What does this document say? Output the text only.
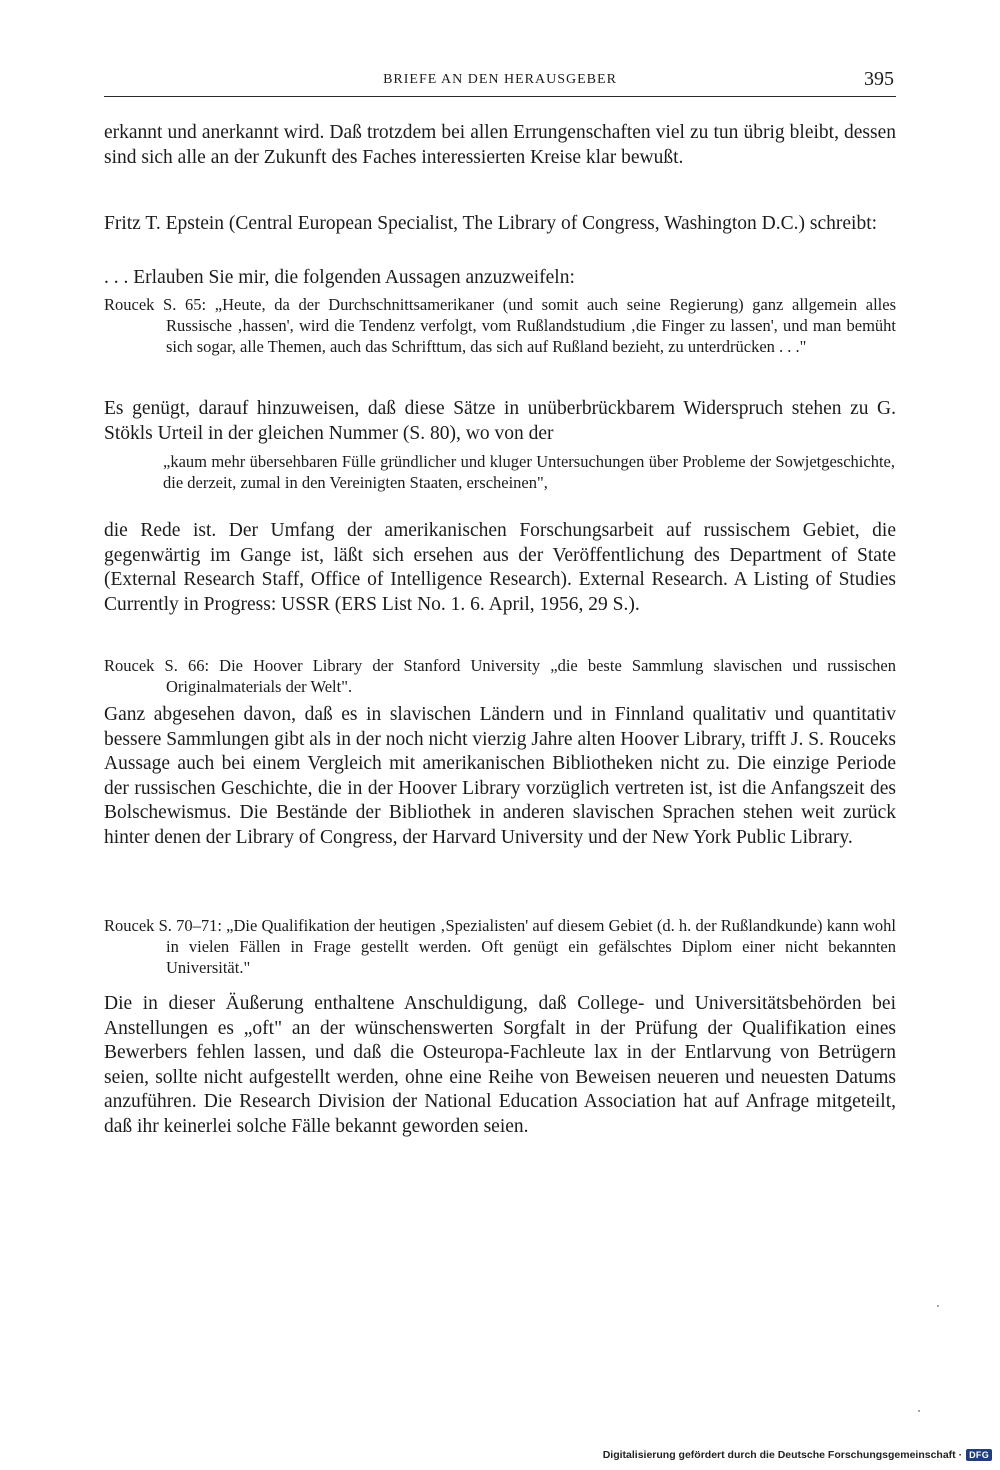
BRIEFE AN DEN HERAUSGEBER	395

erkannt und anerkannt wird. Daß trotzdem bei allen Errungenschaften viel zu tun übrig bleibt, dessen sind sich alle an der Zukunft des Faches interessierten Kreise klar bewußt.

Fritz T. Epstein (Central European Specialist, The Library of Congress, Washington D.C.) schreibt:

. . . Erlauben Sie mir, die folgenden Aussagen anzuzweifeln:

Roucek S. 65: „Heute, da der Durchschnittsamerikaner (und somit auch seine Regierung) ganz allgemein alles Russische ‚hassen', wird die Tendenz verfolgt, vom Rußlandstudium ‚die Finger zu lassen', und man bemüht sich sogar, alle Themen, auch das Schrifttum, das sich auf Rußland bezieht, zu unterdrücken . . ."

Es genügt, darauf hinzuweisen, daß diese Sätze in unüberbrückbarem Widerspruch stehen zu G. Stökls Urteil in der gleichen Nummer (S. 80), wo von der

„kaum mehr übersehbaren Fülle gründlicher und kluger Untersuchungen über Probleme der Sowjetgeschichte, die derzeit, zumal in den Vereinigten Staaten, erscheinen",

die Rede ist. Der Umfang der amerikanischen Forschungsarbeit auf russischem Gebiet, die gegenwärtig im Gange ist, läßt sich ersehen aus der Veröffentlichung des Department of State (External Research Staff, Office of Intelligence Research). External Research. A Listing of Studies Currently in Progress: USSR (ERS List No. 1. 6. April, 1956, 29 S.).

Roucek S. 66: Die Hoover Library der Stanford University „die beste Sammlung slavischen und russischen Originalmaterials der Welt".

Ganz abgesehen davon, daß es in slavischen Ländern und in Finnland qualitativ und quantitativ bessere Sammlungen gibt als in der noch nicht vierzig Jahre alten Hoover Library, trifft J. S. Rouceks Aussage auch bei einem Vergleich mit amerikanischen Bibliotheken nicht zu. Die einzige Periode der russischen Geschichte, die in der Hoover Library vorzüglich vertreten ist, ist die Anfangszeit des Bolschewismus. Die Bestände der Bibliothek in anderen slavischen Sprachen stehen weit zurück hinter denen der Library of Congress, der Harvard University und der New York Public Library.

Roucek S. 70–71: „Die Qualifikation der heutigen ‚Spezialisten' auf diesem Gebiet (d. h. der Rußlandkunde) kann wohl in vielen Fällen in Frage gestellt werden. Oft genügt ein gefälschtes Diplom einer nicht bekannten Universität."

Die in dieser Äußerung enthaltene Anschuldigung, daß College- und Universitätsbehörden bei Anstellungen es „oft" an der wünschenswerten Sorgfalt in der Prüfung der Qualifikation eines Bewerbers fehlen lassen, und daß die Osteuropa-Fachleute lax in der Entlarvung von Betrügern seien, sollte nicht aufgestellt werden, ohne eine Reihe von Beweisen neueren und neuesten Datums anzuführen. Die Research Division der National Education Association hat auf Anfrage mitgeteilt, daß ihr keinerlei solche Fälle bekannt geworden seien.

Digitalisierung gefördert durch die Deutsche Forschungsgemeinschaft · DFG
